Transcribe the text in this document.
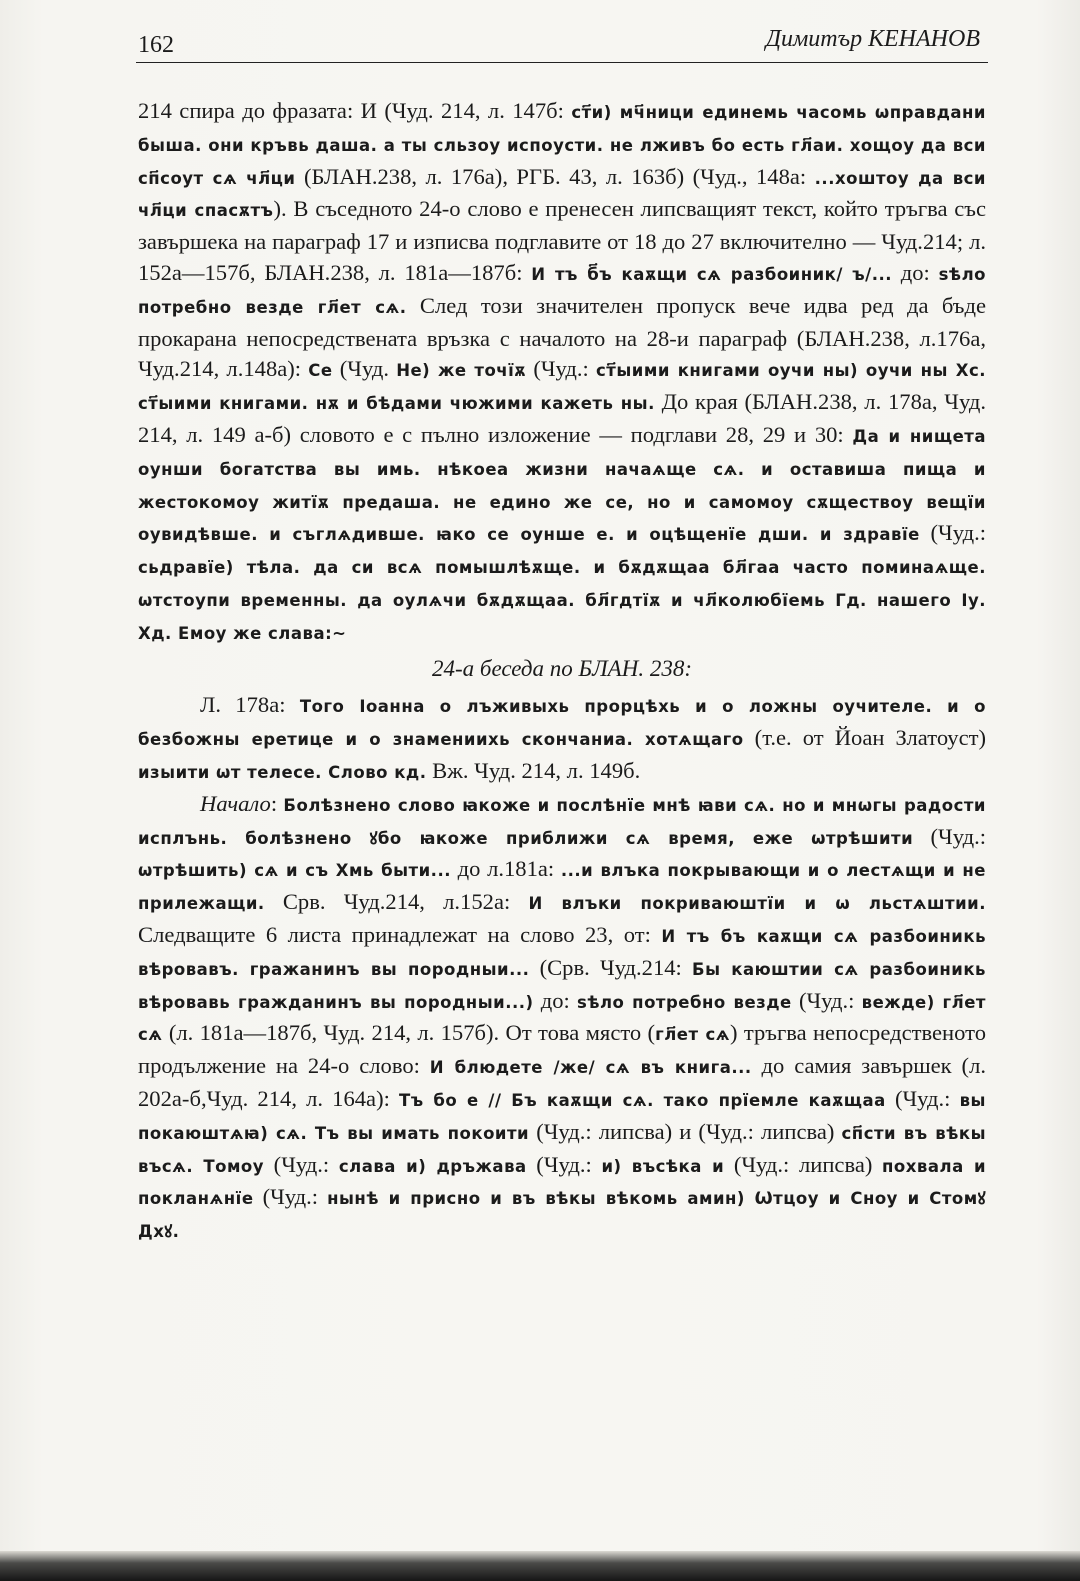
162	Димитър КЕНАНОВ

214 спира до фразата: И (Чуд. 214, л. 147б: ст҃и) мч҃ници единемь часомь ѡправдани быша. они кръвь даша. а ты сльзоу испоусти. не лживъ бо есть гл҃аи. хощоу да вси сп҃соут сѧ чл҃ци (БЛАН.238, л. 176а), РГБ. 43, л. 163б) (Чуд., 148а: ...хоштоу да вси чл҃ци спасѫтъ). В съседното 24-о слово е пренесен липсващият текст, който тръгва със завършека на параграф 17 и изписва подглавите от 18 до 27 включително — Чуд.214; л. 152а—157б, БЛАН.238, л. 181а—187б: И тъ б҃ъ каѫщи сѧ разбоиник/ ъ/... до: ѕѣло потребно везде гл҃ет сѧ. След този значителен пропуск вече идва ред да бъде прокарана непосредствената връзка с началото на 28-и параграф (БЛАН.238, л.176а, Чуд.214, л.148а): Се (Чуд. Не) же точїѫ (Чуд.: ст҃ыими книгами оучи ны) оучи ны Хс. ст҃ыими книгами. нѫ и бѣдами чюжими кажеть ны. До края (БЛАН.238, л. 178а, Чуд. 214, л. 149 а-б) словото е с пълно изложение — подглави 28, 29 и 30: Да и нищета оунши богатства вы имь. нѣкоеа жизни начаѧще сѧ. и оставиша пища и жестокомоу житїѫ предаша. не едино же се, но и самомоу сѫществоу вещїи оувидѣвше. и съглѧдивше. ꙗко се оунше е. и оцѣщенїе дши. и здравїе (Чуд.: сьдравїе) тѣла. да си всѧ помышлѣѫще. и бѫдѫщаа бл҃гаа часто поминаѧще. ѡтстоупи временны. да оулѧчи бѫдѫщаа. бл҃гдтїѫ и чл҃колюбїемь Гд. нашего Іу. Хд. Емоу же слава:~

24-а беседа по БЛАН. 238:

Л. 178а: Того Іоанна о лъживыхь прорцѣхь и о ложны оучителе. и о безбожны еретице и о знамениихь скончаниа. хотѧщаго (т.е. от Йоан Златоуст) изыити ѡт телесе. Слово кд. Вж. Чуд. 214, л. 149б.

Начало: Болѣзнено слово ꙗкоже и послѣнїе мнѣ ꙗви сѧ. но и мнѡгы радости исплънь. болѣзнено ꙋбо ꙗкоже приближи сѧ время, еже ѡтрѣшити (Чуд.: ѡтрѣшить) сѧ и съ Хмь быти... до л.181а: ...и влъка покрывающи и о лестѧщи и не прилежащи. Срв. Чуд.214, л.152а: И влъки покриваюштїи и ѡ льстѧштии. Следващите 6 листа принадлежат на слово 23, от: И тъ бъ каѫщи сѧ разбоиникь вѣровавъ. гражанинъ вы породныи... (Срв. Чуд.214: Бы каюштии сѧ разбоиникь вѣровавь гражданинъ вы породныи...) до: ѕѣло потребно везде (Чуд.: вежде) гл҃ет сѧ (л. 181а—187б, Чуд. 214, л. 157б). От това място (гл҃ет сѧ) тръгва непосредственото продължение на 24-о слово: И блюдете /же/ сѧ въ книга... до самия завършек (л. 202а-б,Чуд. 214, л. 164а): Тъ бо е // Бъ каѫщи сѧ. тако прїемле каѫщаа (Чуд.: вы покаюштѧꙗ) сѧ. Тъ вы имать покоити (Чуд.: липсва) и (Чуд.: липсва) сп҃сти въ вѣкы въсѧ. Томоу (Чуд.: слава и) дръжава (Чуд.: и) въсѣка и (Чуд.: липсва) похвала и покланѧнїе (Чуд.: нынѣ и присно и въ вѣкы вѣкомь амин) Ѡтцоу и Сноу и Стомꙋ Дхꙋ.
